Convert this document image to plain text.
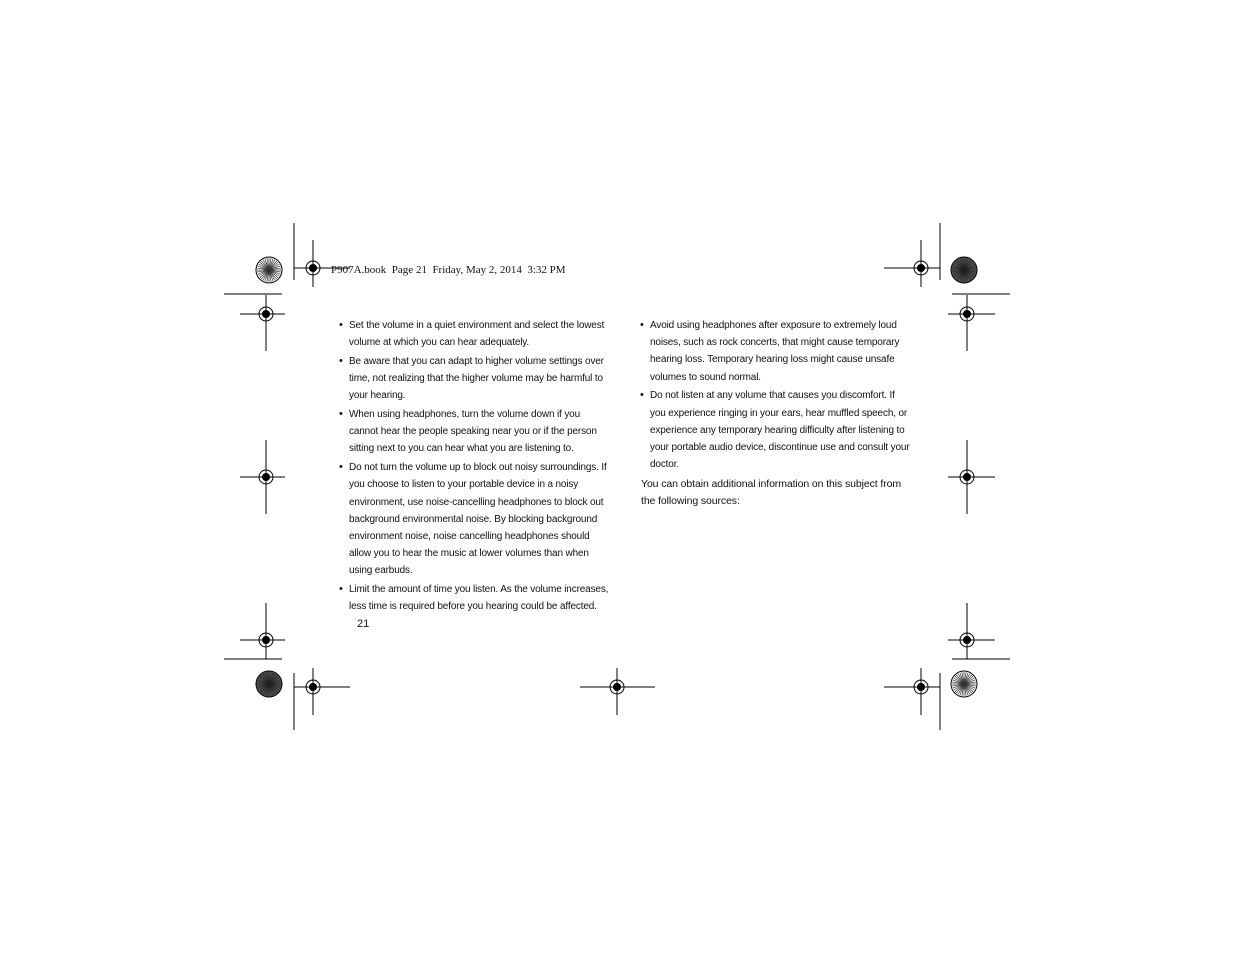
P907A.book  Page 21  Friday, May 2, 2014  3:32 PM
• Set the volume in a quiet environment and select the lowest volume at which you can hear adequately.
• Be aware that you can adapt to higher volume settings over time, not realizing that the higher volume may be harmful to your hearing.
• When using headphones, turn the volume down if you cannot hear the people speaking near you or if the person sitting next to you can hear what you are listening to.
• Do not turn the volume up to block out noisy surroundings. If you choose to listen to your portable device in a noisy environment, use noise-cancelling headphones to block out background environmental noise. By blocking background environment noise, noise cancelling headphones should allow you to hear the music at lower volumes than when using earbuds.
• Limit the amount of time you listen. As the volume increases, less time is required before you hearing could be affected.
• Avoid using headphones after exposure to extremely loud noises, such as rock concerts, that might cause temporary hearing loss. Temporary hearing loss might cause unsafe volumes to sound normal.
• Do not listen at any volume that causes you discomfort. If you experience ringing in your ears, hear muffled speech, or experience any temporary hearing difficulty after listening to your portable audio device, discontinue use and consult your doctor.
You can obtain additional information on this subject from the following sources:
21
